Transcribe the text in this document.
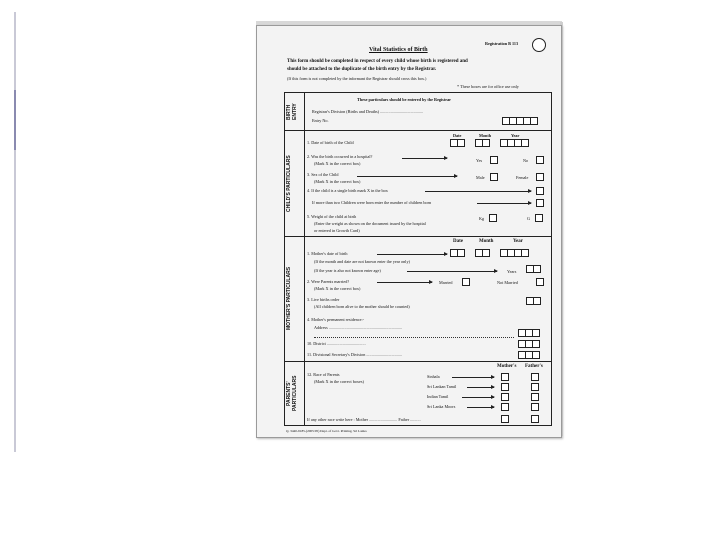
Registration B 113
Vital Statistics of Birth
This form should be completed in respect of every child whose birth is registered and
should be attached to the duplicate of the birth entry by the Registrar.
(If this form is not completed by the informant the Registrar should cross this box.)
* These boxes are for office use only
BIRTH ENTRY
CHILD'S PARTICULARS
MOTHER'S PARTICULARS
PARENTS' PARTICULARS
These particulars should be entered by the Registrar
Registrar's Division (Births and Deaths) .........................................
Entry No.
Date	Month	Year
1. Date of birth of the Child
2. Was the birth occurred in a hospital?
(Mark X in the correct box)
Yes	No
3. Sex of the Child
(Mark X in the correct box)
Male	Female
4. If the child is a single birth mark X in the box
If more than two Children were born enter the number of children born
5. Weight of the child at birth
(Enter the weight as shown on the document issued by the hospital
or entered in Growth Card)
Kg	G
Date	Month	Year
1. Mother's date of birth
(If the month and date are not known enter the year only)
(If the year is also not known enter age)	Years
2. Were Parents married?
(Mark X in the correct box)
Married	Not Married
3. Live births order
(All children born alive to the mother should be counted)
4. Mother's permanent residence:-
Address ......................................................................
10. District .....................................
11. Divisional Secretary's Division ..................................
Mother's Father's
12. Race of Parents
(Mark X in the correct boxes)
Sinhala
Sri Lankan Tamil
Indian Tamil
Sri Lanka Moors
If any other race write here : Mother ........................... Father ..........
Q. 3440-9185-(2005/05) Dept. of Govt. Printing, Sri Lanka
